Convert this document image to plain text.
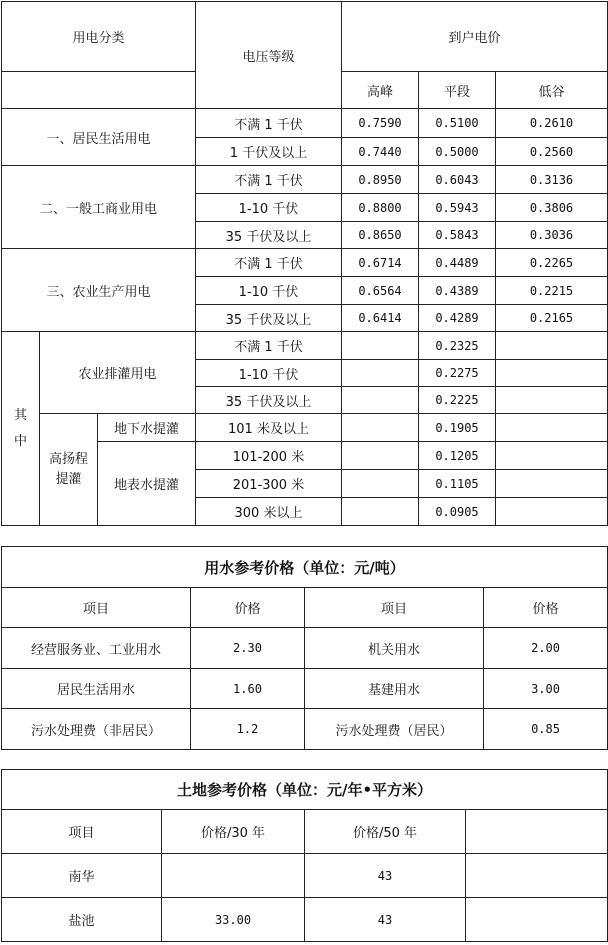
用电分类			电压等级	到户电价		
				高峰	平段	低谷
一、居民生活用电			不满 1 千伏	0.7590	0.5100	0.2610
			1 千伏及以上	0.7440	0.5000	0.2560
二、一般工商业用电			不满 1 千伏	0.8950	0.6043	0.3136
			1-10 千伏	0.8800	0.5943	0.3806
			35 千伏及以上	0.8650	0.5843	0.3036
三、农业生产用电			不满 1 千伏	0.6714	0.4489	0.2265
			1-10 千伏	0.6564	0.4389	0.2215
			35 千伏及以上	0.6414	0.4289	0.2165
其中	农业排灌用电		不满 1 千伏		0.2325	
			1-10 千伏		0.2275	
			35 千伏及以上		0.2225	
	高扬程提灌	地下水提灌	101 米及以上		0.1905	
		地表水提灌	101-200 米		0.1205	
			201-300 米		0.1105	
			300 米以上		0.0905	
用水参考价格（单位：元/吨）			
项目	价格	项目	价格
经营服务业、工业用水	2.30	机关用水	2.00
居民生活用水	1.60	基建用水	3.00
污水处理费（非居民）	1.2	污水处理费（居民）	0.85
土地参考价格（单位：元/年•平方米）			
项目	价格/30 年	价格/50 年	
南华		43	
盐池	33.00	43	
